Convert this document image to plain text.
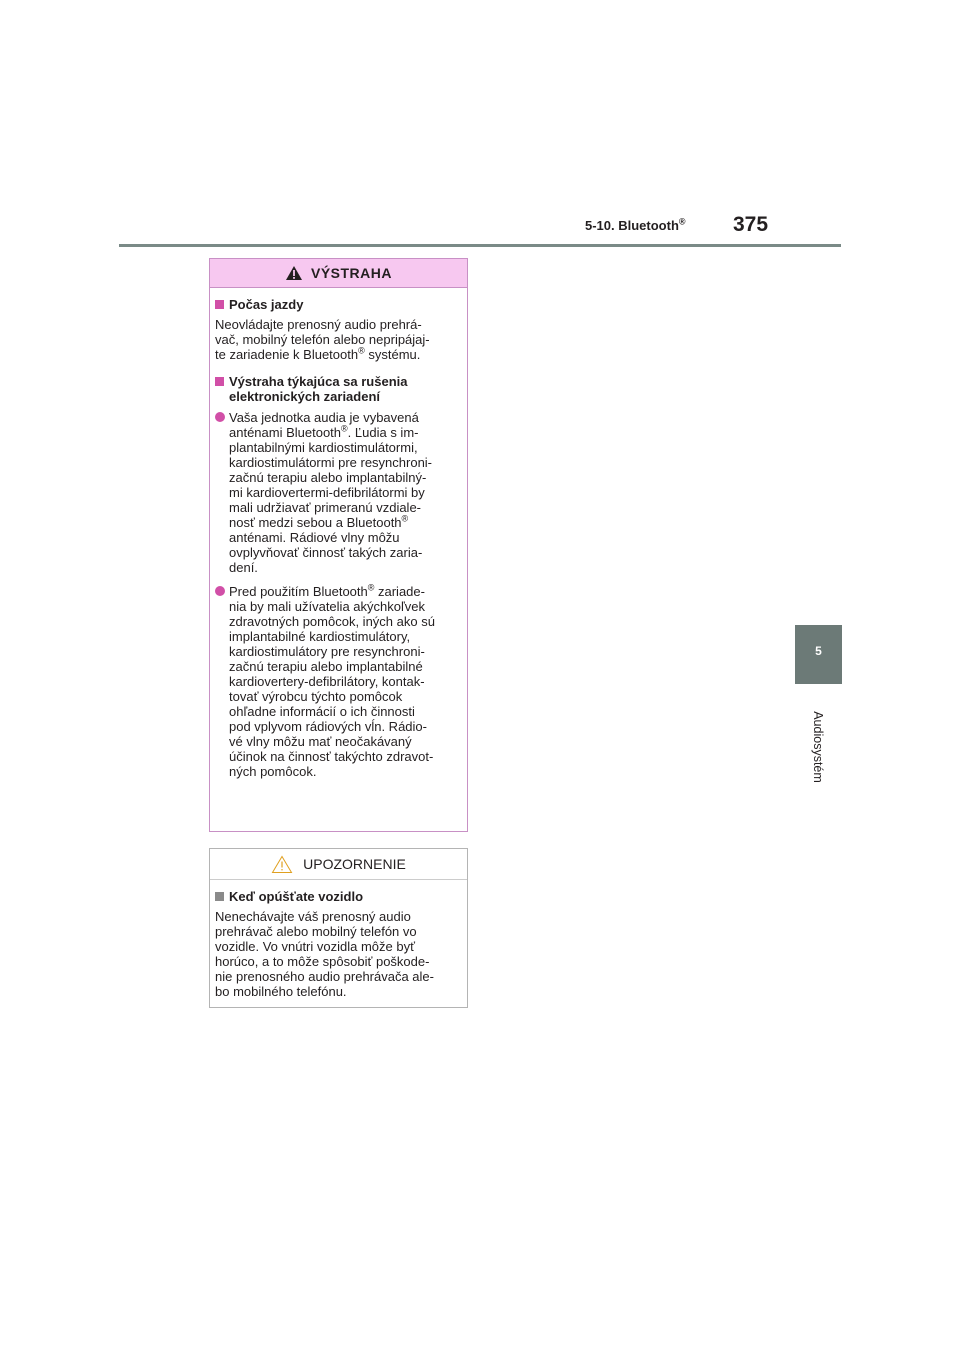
5-10. Bluetooth® 375
5
Audiosystém
VÝSTRAHA
Počas jazdy
Neovládajte prenosný audio prehrá-
vač, mobilný telefón alebo nepripájaj-
te zariadenie k Bluetooth® systému.
Výstraha týkajúca sa rušenia
elektronických zariadení
Vaša jednotka audia je vybavená
anténami Bluetooth®. Ľudia s im-
plantabilnými kardiostimulátormi,
kardiostimulátormi pre resynchroni-
začnú terapiu alebo implantabilný-
mi kardiovertermi-defibrilátormi by
mali udržiavať primeranú vzdiale-
nosť medzi sebou a Bluetooth®
anténami. Rádiové vlny môžu
ovplyvňovať činnosť takých zaria-
dení.
Pred použitím Bluetooth® zariade-
nia by mali užívatelia akýchkoľvek
zdravotných pomôcok, iných ako sú
implantabilné kardiostimulátory,
kardiostimulátory pre resynchroni-
začnú terapiu alebo implantabilné
kardiovertery-defibrilátory, kontak-
tovať výrobcu týchto pomôcok
ohľadne informácií o ich činnosti
pod vplyvom rádiových vĺn. Rádio-
vé vlny môžu mať neočakávaný
účinok na činnosť takýchto zdravot-
ných pomôcok.
UPOZORNENIE
Keď opúšťate vozidlo
Nenechávajte váš prenosný audio
prehrávač alebo mobilný telefón vo
vozidle. Vo vnútri vozidla môže byť
horúco, a to môže spôsobiť poškode-
nie prenosného audio prehrávača ale-
bo mobilného telefónu.
